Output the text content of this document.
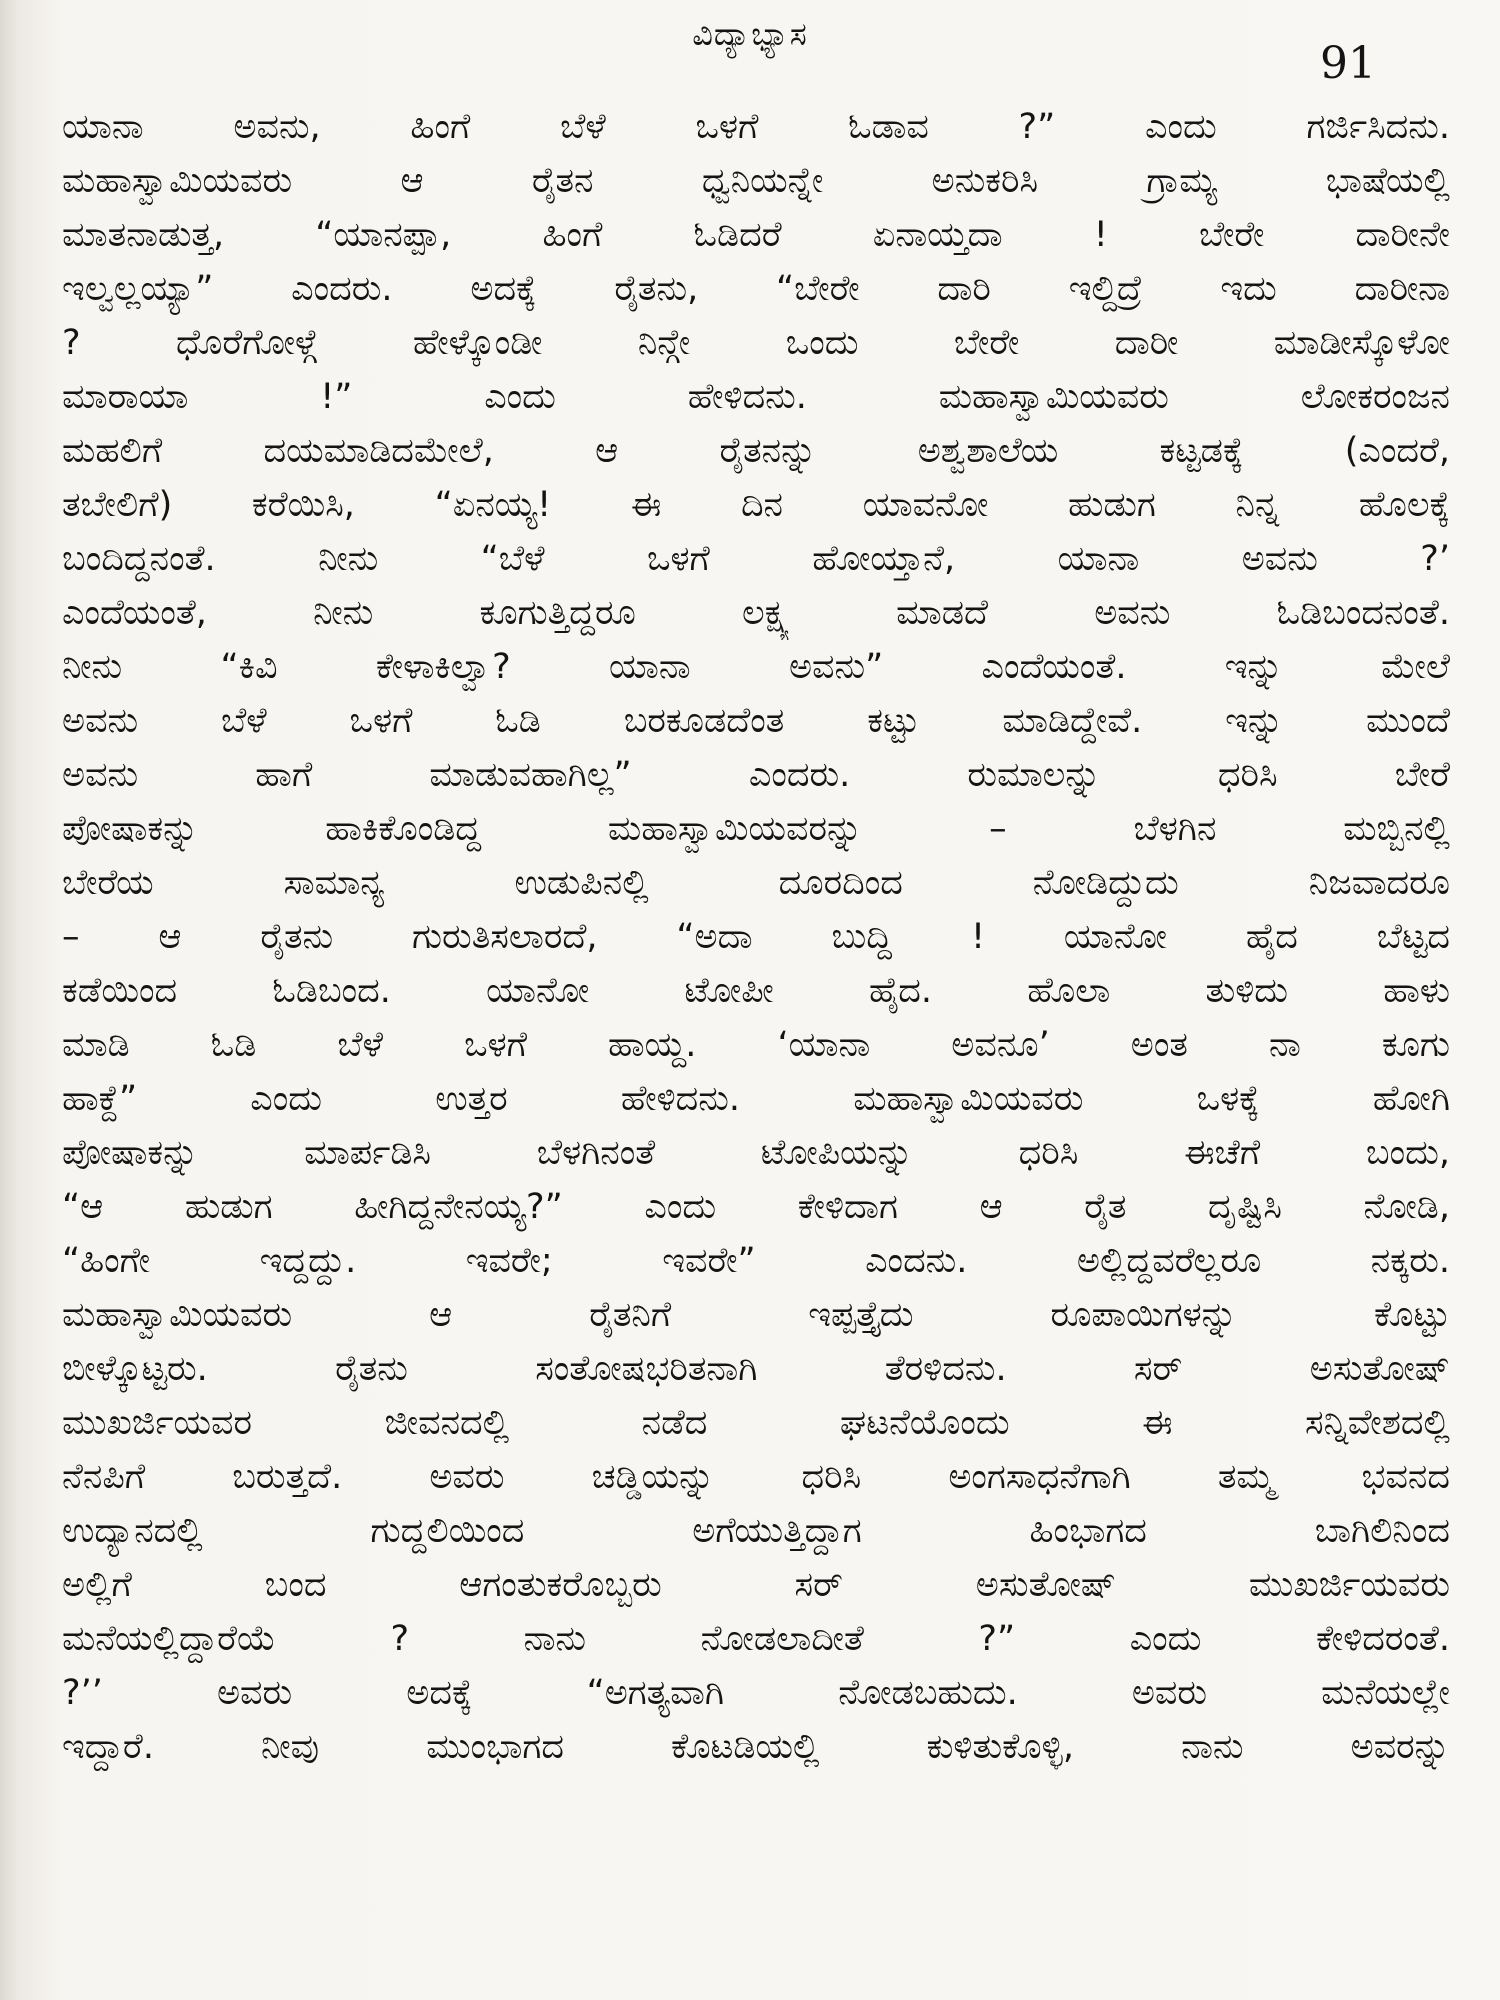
ವಿದ್ಯಾಭ್ಯಾಸ
91
ಯಾನಾ ಅವನು, ಹಿಂಗೆ ಬೆಳೆ ಒಳಗೆ ಓಡಾವ ?” ಎಂದು ಗರ್ಜಿಸಿದನು.
ಮಹಾಸ್ವಾಮಿಯವರು ಆ ರೈತನ ಧ್ವನಿಯನ್ನೇ ಅನುಕರಿಸಿ ಗ್ರಾಮ್ಯ ಭಾಷೆಯಲ್ಲಿ
ಮಾತನಾಡುತ್ತ, “ಯಾನಪ್ಪಾ, ಹಿಂಗೆ ಓಡಿದರೆ ಏನಾಯ್ತದಾ ! ಬೇರೇ ದಾರೀನೇ
ಇಲ್ವಲ್ಲಯ್ಯಾ” ಎಂದರು. ಅದಕ್ಕೆ ರೈತನು, “ಬೇರೇ ದಾರಿ ಇಲ್ದಿದ್ರೆ ಇದು ದಾರೀನಾ
? ಧೊರೆಗೋಳ್ಗೆ ಹೇಳ್ಕೊಂಡೀ ನಿನ್ಗೇ ಒಂದು ಬೇರೇ ದಾರೀ ಮಾಡೀಸ್ಕೊಳೋ
ಮಾರಾಯಾ !” ಎಂದು ಹೇಳಿದನು. ಮಹಾಸ್ವಾಮಿಯವರು ಲೋಕರಂಜನ
ಮಹಲಿಗೆ ದಯಮಾಡಿದಮೇಲೆ, ಆ ರೈತನನ್ನು ಅಶ್ವಶಾಲೆಯ ಕಟ್ಟಡಕ್ಕೆ (ಎಂದರೆ,
ತಬೇಲಿಗೆ) ಕರೆಯಿಸಿ, “ಏನಯ್ಯ! ಈ ದಿನ ಯಾವನೋ ಹುಡುಗ ನಿನ್ನ ಹೊಲಕ್ಕೆ
ಬಂದಿದ್ದನಂತೆ. ನೀನು “ಬೆಳೆ ಒಳಗೆ ಹೋಯ್ತಾನೆ, ಯಾನಾ ಅವನು ?’
ಎಂದೆಯಂತೆ, ನೀನು ಕೂಗುತ್ತಿದ್ದರೂ ಲಕ್ಷ್ಯ ಮಾಡದೆ ಅವನು ಓಡಿಬಂದನಂತೆ.
ನೀನು “ಕಿವಿ ಕೇಳಾಕಿಲ್ವಾ? ಯಾನಾ ಅವನು” ಎಂದೆಯಂತೆ. ಇನ್ನು ಮೇಲೆ
ಅವನು ಬೆಳೆ ಒಳಗೆ ಓಡಿ ಬರಕೂಡದೆಂತ ಕಟ್ಟು ಮಾಡಿದ್ದೇವೆ. ಇನ್ನು ಮುಂದೆ
ಅವನು ಹಾಗೆ ಮಾಡುವಹಾಗಿಲ್ಲ” ಎಂದರು. ರುಮಾಲನ್ನು ಧರಿಸಿ ಬೇರೆ
ಪೋಷಾಕನ್ನು ಹಾಕಿಕೊಂಡಿದ್ದ ಮಹಾಸ್ವಾಮಿಯವರನ್ನು – ಬೆಳಗಿನ ಮಬ್ಬಿನಲ್ಲಿ
ಬೇರೆಯ ಸಾಮಾನ್ಯ ಉಡುಪಿನಲ್ಲಿ ದೂರದಿಂದ ನೋಡಿದ್ದುದು ನಿಜವಾದರೂ
– ಆ ರೈತನು ಗುರುತಿಸಲಾರದೆ, “ಅದಾ ಬುದ್ದಿ ! ಯಾನೋ ಹೈದ ಬೆಟ್ಟದ
ಕಡೆಯಿಂದ ಓಡಿಬಂದ. ಯಾನೋ ಟೋಪೀ ಹೈದ. ಹೊಲಾ ತುಳಿದು ಹಾಳು
ಮಾಡಿ ಓಡಿ ಬೆಳೆ ಒಳಗೆ ಹಾಯ್ದ. ‘ಯಾನಾ ಅವನೂ’ ಅಂತ ನಾ ಕೂಗು
ಹಾಕ್ದೆ” ಎಂದು ಉತ್ತರ ಹೇಳಿದನು. ಮಹಾಸ್ವಾಮಿಯವರು ಒಳಕ್ಕೆ ಹೋಗಿ
ಪೋಷಾಕನ್ನು ಮಾರ್ಪಡಿಸಿ ಬೆಳಗಿನಂತೆ ಟೋಪಿಯನ್ನು ಧರಿಸಿ ಈಚೆಗೆ ಬಂದು,
“ಆ ಹುಡುಗ ಹೀಗಿದ್ದನೇನಯ್ಯ?” ಎಂದು ಕೇಳಿದಾಗ ಆ ರೈತ ದೃಷ್ಟಿಸಿ ನೋಡಿ,
“ಹಿಂಗೇ ಇದ್ದದ್ದು. ಇವರೇ; ಇವರೇ” ಎಂದನು. ಅಲ್ಲಿದ್ದವರೆಲ್ಲರೂ ನಕ್ಕರು.
ಮಹಾಸ್ವಾಮಿಯವರು ಆ ರೈತನಿಗೆ ಇಪ್ಪತ್ತೈದು ರೂಪಾಯಿಗಳನ್ನು ಕೊಟ್ಟು
ಬೀಳ್ಕೊಟ್ಟರು. ರೈತನು ಸಂತೋಷಭರಿತನಾಗಿ ತೆರಳಿದನು. ಸರ್ ಅಸುತೋಷ್
ಮುಖರ್ಜಿಯವರ ಜೀವನದಲ್ಲಿ ನಡೆದ ಘಟನೆಯೊಂದು ಈ ಸನ್ನಿವೇಶದಲ್ಲಿ
ನೆನಪಿಗೆ ಬರುತ್ತದೆ. ಅವರು ಚಡ್ಡಿಯನ್ನು ಧರಿಸಿ ಅಂಗಸಾಧನೆಗಾಗಿ ತಮ್ಮ ಭವನದ
ಉದ್ಯಾನದಲ್ಲಿ ಗುದ್ದಲಿಯಿಂದ ಅಗೆಯುತ್ತಿದ್ದಾಗ ಹಿಂಭಾಗದ ಬಾಗಿಲಿನಿಂದ
ಅಲ್ಲಿಗೆ ಬಂದ ಆಗಂತುಕರೊಬ್ಬರು ಸರ್ ಅಸುತೋಷ್ ಮುಖರ್ಜಿಯವರು
ಮನೆಯಲ್ಲಿದ್ದಾರೆಯೆ ? ನಾನು ನೋಡಲಾದೀತೆ ?” ಎಂದು ಕೇಳಿದರಂತೆ.
?’’ ಅವರು ಅದಕ್ಕೆ “ಅಗತ್ಯವಾಗಿ ನೋಡಬಹುದು. ಅವರು ಮನೆಯಲ್ಲೇ
ಇದ್ದಾರೆ. ನೀವು ಮುಂಭಾಗದ ಕೊಟಡಿಯಲ್ಲಿ ಕುಳಿತುಕೊಳ್ಳಿ, ನಾನು ಅವರನ್ನು
